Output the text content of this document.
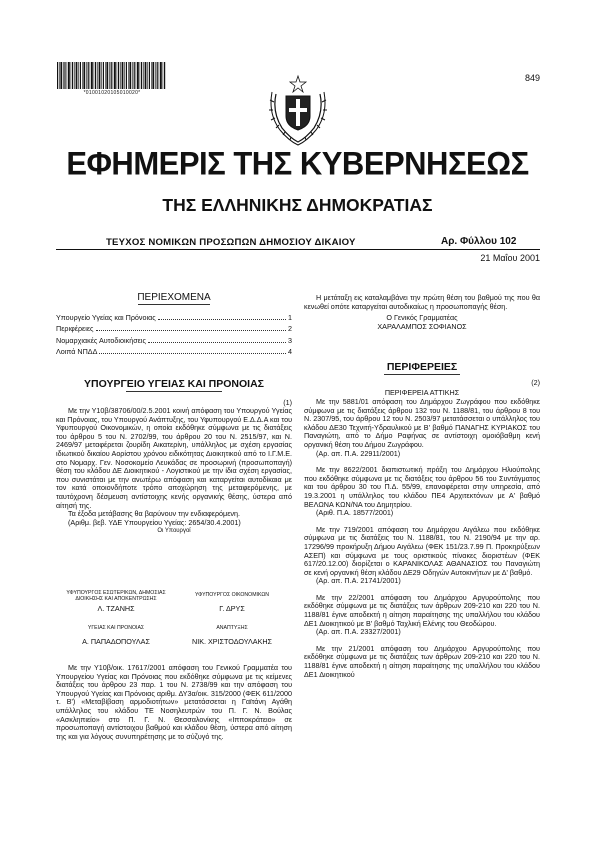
*01001020105010020*
849
ΕΦΗΜΕΡΙΣ ΤΗΣ ΚΥΒΕΡΝΗΣΕΩΣ
ΤΗΣ ΕΛΛΗΝΙΚΗΣ ΔΗΜΟΚΡΑΤΙΑΣ
ΤΕΥΧΟΣ ΝΟΜΙΚΩΝ ΠΡΟΣΩΠΩΝ ΔΗΜΟΣΙΟΥ ΔΙΚΑΙΟΥ	Αρ. Φύλλου 102
21 Μαΐου 2001
ΠΕΡΙΕΧΟΜΕΝΑ
Υπουργείο Υγείας και Πρόνοιας	1
Περιφέρειες	2
Νομαρχιακές Αυτοδιοικήσεις	3
Λοιπά ΝΠΔΔ	4
ΥΠΟΥΡΓΕΙΟ ΥΓΕΙΑΣ ΚΑΙ ΠΡΟΝΟΙΑΣ
(1)

Με την Υ10β/38706/00/2.5.2001 κοινή απόφαση του Υπουργού Υγείας και Πρόνοιας, του Υπουργού Ανάπτυξης, του Υφυπουργού Ε.Δ.Δ.Α και του Υφυπουργού Οικονομικών, η οποία εκδόθηκε σύμφωνα με τις διατάξεις του άρθρου 5 του Ν. 2702/99, του άρθρου 20 του Ν. 2515/97, και Ν. 2469/97 μεταφέρεται ζουρίδη Αικατερίνη, υπάλληλος με σχέση εργασίας ιδιωτικού δικαίου Αορίστου χρόνου ειδικότητας Διοικητικού από το Ι.Γ.Μ.Ε. στο Νομαρχ. Γεν. Νοσοκομείο Λευκάδας σε προσωρινή (προσωποπαγή) θέση του κλάδου ΔΕ Διοικητικού - Λογιστικού με την ίδια σχέση εργασίας, που συνιστάται με την ανωτέρω απόφαση και καταργείται αυτοδίκαια με τον κατά οποιονδήποτε τρόπο αποχώρηση της μεταφερόμενης, με ταυτόχρονη δέσμευση αντίστοιχης κενής οργανικής θέσης, ύστερα από αίτησή της.

Τα έξοδα μετάβασης θα βαρύνουν την ενδιαφερόμενη.

(Αριθμ. βεβ. ΥΔΕ Υπουργείου Υγείας: 2654/30.4.2001)

Οι Υπουργοί

ΥΦΥΠΟΥΡΓΟΣ ΕΣΩΤΕΡΙΚΩΝ, ΔΗΜΟΣΙΑΣ ΔΙΟΙΚΗΣΗΣ ΚΑΙ ΑΠΟΚΕΝΤΡΩΣΗΣ
Λ. ΤΖΑΝΗΣ
ΥΦΥΠΟΥΡΓΟΣ ΟΙΚΟΝΟΜΙΚΩΝ
Γ. ΔΡΥΣ
ΥΓΕΙΑΣ ΚΑΙ ΠΡΟΝΟΙΑΣ
Α. ΠΑΠΑΔΟΠΟΥΛΑΣ
ΑΝΑΠΤΥΞΗΣ
ΝΙΚ. ΧΡΙΣΤΟΔΟΥΛΑΚΗΣ

Με την Υ10β/οικ. 17617/2001 απόφαση του Γενικού Γραμματέα του Υπουργείου Υγείας και Πρόνοιας που εκδόθηκε σύμφωνα με τις κείμενες διατάξεις του άρθρου 23 παρ. 1 του Ν. 2738/99 και την απόφαση του Υπουργού Υγείας και Πρόνοιας αριθμ. ΔΥ3α/οικ. 315/2000 (ΦΕΚ 611/2000 τ. Β') «Μεταβίβαση αρμοδιοτήτων» μετατάσσεται η Γαϊτάνη Αγάθη υπάλληλος του κλάδου ΤΕ Νοσηλευτρών του Π. Γ. Ν. Βούλας «Ασκληπιείο» στο Π. Γ. Ν. Θεσσαλονίκης «Ιπποκράτειο» σε προσωποπαγή αντίστοιχου βαθμού και κλάδου θέση, ύστερα από αίτηση της και για λόγους συνυπηρέτησης με το σύζυγό της.

Η μετάταξη εις καταλαμβάνει την πρώτη θέση του βαθμού της που θα κενωθεί οπότε καταργείται αυτοδικαίως η προσωποπαγής θέση.

Ο Γενικός Γραμματέας

ΧΑΡΑΛΑΜΠΟΣ ΣΟΦΙΑΝΟΣ

ΠΕΡΙΦΕΡΕΙΕΣ
(2)
ΠΕΡΙΦΕΡΕΙΑ ΑΤΤΙΚΗΣ

Με την 5881/01 απόφαση του Δημάρχου Ζωγράφου που εκδόθηκε σύμφωνα με τις διατάξεις άρθρου 132 του Ν. 1188/81, του άρθρου 8 του Ν. 2307/95, του άρθρου 12 του Ν. 2503/97 μετατάσσεται ο υπάλληλος του κλάδου ΔΕ30 Τεχνιτή-Υδραυλικού με Β' βαθμό ΠΑΝΑΓΗΣ ΚΥΡΙΑΚΟΣ του Παναγιώτη, από το Δήμο Ραφήνας σε αντίστοιχη ομοιόβαθμη κενή οργανική θέση του Δήμου Ζωγράφου.

(Αρ. απ. Π.Α. 22911/2001)

Με την 8622/2001 διαπιστωτική πράξη του Δημάρχου Ηλιούπολης που εκδόθηκε σύμφωνα με τις διατάξεις του άρθρου 56 του Συντάγματος και του άρθρου 30 του Π.Δ. 55/99, επαναφέρεται στην υπηρεσία, από 19.3.2001 η υπάλληλος του κλάδου ΠΕ4 Αρχιτεκτόνων με Α' βαθμό ΒΕΛΩΝΑ ΚΩΝ/ΝΑ του Δημητρίου.

(Αριθ. Π.Α. 18577/2001)

Με την 719/2001 απόφαση του Δημάρχου Αιγάλεω που εκδόθηκε σύμφωνα με τις διατάξεις του Ν. 1188/81, του Ν. 2190/94 με την αρ. 17296/99 προκήρυξη Δήμου Αιγάλεω (ΦΕΚ 151/23.7.99 Π. Προκηρύξεων ΑΣΕΠ) και σύμφωνα με τους οριστικούς πίνακες διοριστέων (ΦΕΚ 617/20.12.00) διορίζεται ο ΚΑΡΑΝΙΚΟΛΑΣ ΑΘΑΝΑΣΙΟΣ του Παναγιώτη σε κενή οργανική θέση κλάδου ΔΕ29 Οδηγών Αυτοκινήτων με Δ' βαθμό.

(Αρ. απ. Π.Α. 21741/2001)

Με την 22/2001 απόφαση του Δημάρχου Αργυρούπολης που εκδόθηκε σύμφωνα με τις διατάξεις των άρθρων 209-210 και 220 του Ν. 1188/81 έγινε αποδεκτή η αίτηση παραίτησης της υπαλλήλου του κλάδου ΔΕ1 Διοικητικού με Β' βαθμό Ταχλική Ελένης του Θεοδώρου.

(Αρ. απ. Π.Α. 23327/2001)

Με την 21/2001 απόφαση του Δημάρχου Αργυρούπολης που εκδόθηκε σύμφωνα με τις διατάξεις των άρθρων 209-210 και 220 του Ν. 1188/81 έγινε αποδεκτή η αίτηση παραίτησης της υπαλλήλου του κλάδου ΔΕ1 Διοικητικού
